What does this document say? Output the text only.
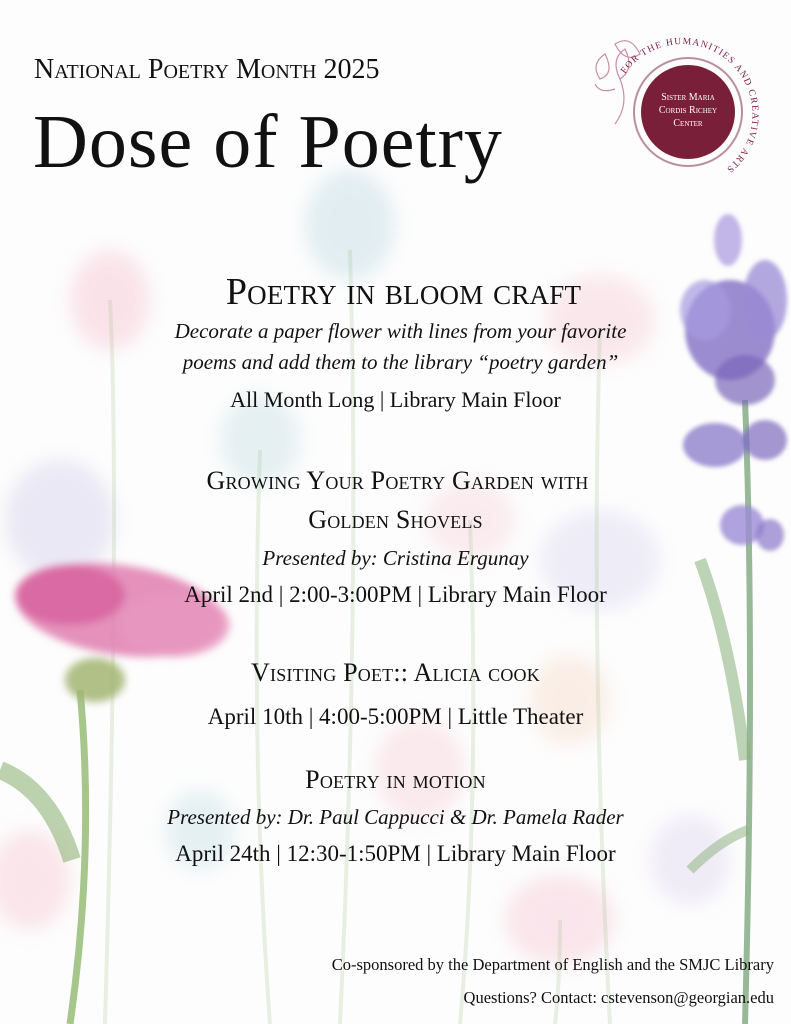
National Poetry Month 2025
Dose of Poetry
FOR THE HUMANITIES AND CREATIVE ARTS
Sister Maria
Cordis Richey
Center
Poetry in bloom craft
Decorate a paper flower with lines from your favorite
poems and add them to the library “poetry garden”
All Month Long | Library Main Floor
Growing Your Poetry Garden with
Golden Shovels
Presented by: Cristina Ergunay
April 2nd | 2:00-3:00PM | Library Main Floor
Visiting Poet:: Alicia cook
April 10th | 4:00-5:00PM | Little Theater
Poetry in motion
Presented by: Dr. Paul Cappucci & Dr. Pamela Rader
April 24th | 12:30-1:50PM | Library Main Floor
Co-sponsored by the Department of English and the SMJC Library
Questions? Contact: cstevenson@georgian.edu
